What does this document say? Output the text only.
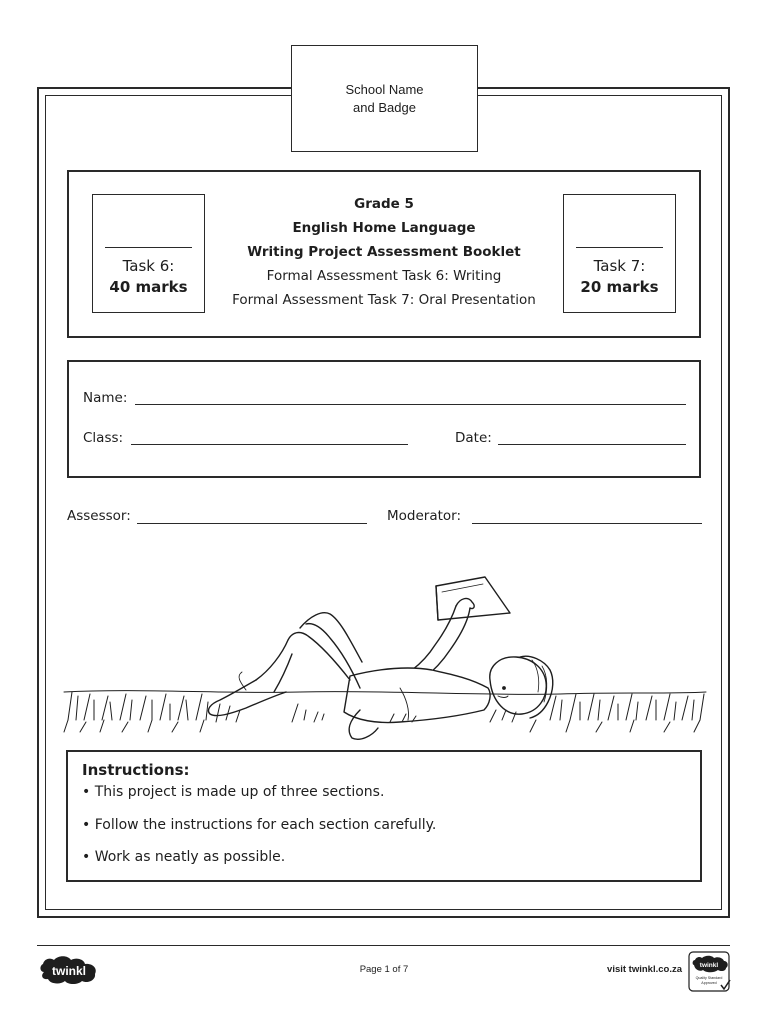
School Name
and Badge
Task 6:
40 marks
Grade 5
English Home Language
Writing Project Assessment Booklet
Formal Assessment Task 6: Writing
Formal Assessment Task 7: Oral Presentation
Task 7:
20 marks
Name:
Class:	Date:
Assessor:	Moderator:
Instructions:
• This project is made up of three sections.
• Follow the instructions for each section carefully.
• Work as neatly as possible.
twinkl	Page 1 of 7	visit twinkl.co.za	twinkl
Quality Standard
Approved
